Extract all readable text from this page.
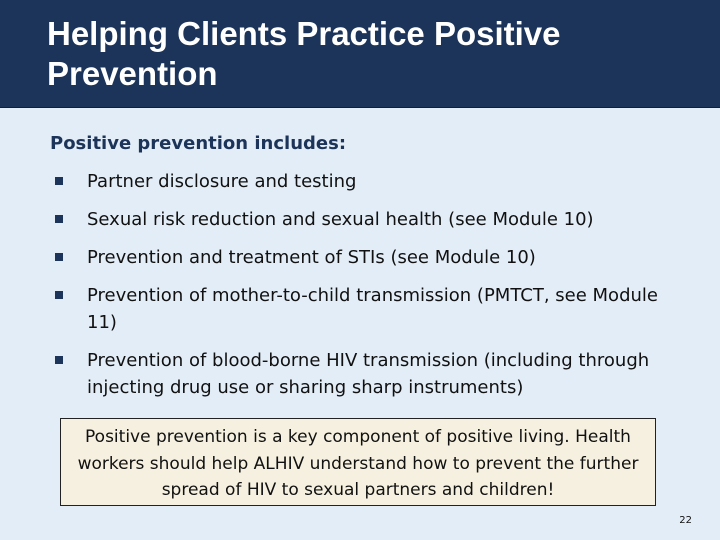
Helping Clients Practice Positive Prevention

Positive prevention includes:

Partner disclosure and testing
Sexual risk reduction and sexual health (see Module 10)
Prevention and treatment of STIs (see Module 10)
Prevention of mother-to-child transmission (PMTCT, see Module 11)
Prevention of blood-borne HIV transmission (including through injecting drug use or sharing sharp instruments)
Positive prevention is a key component of positive living. Health workers should help ALHIV understand how to prevent the further spread of HIV to sexual partners and children!
22
